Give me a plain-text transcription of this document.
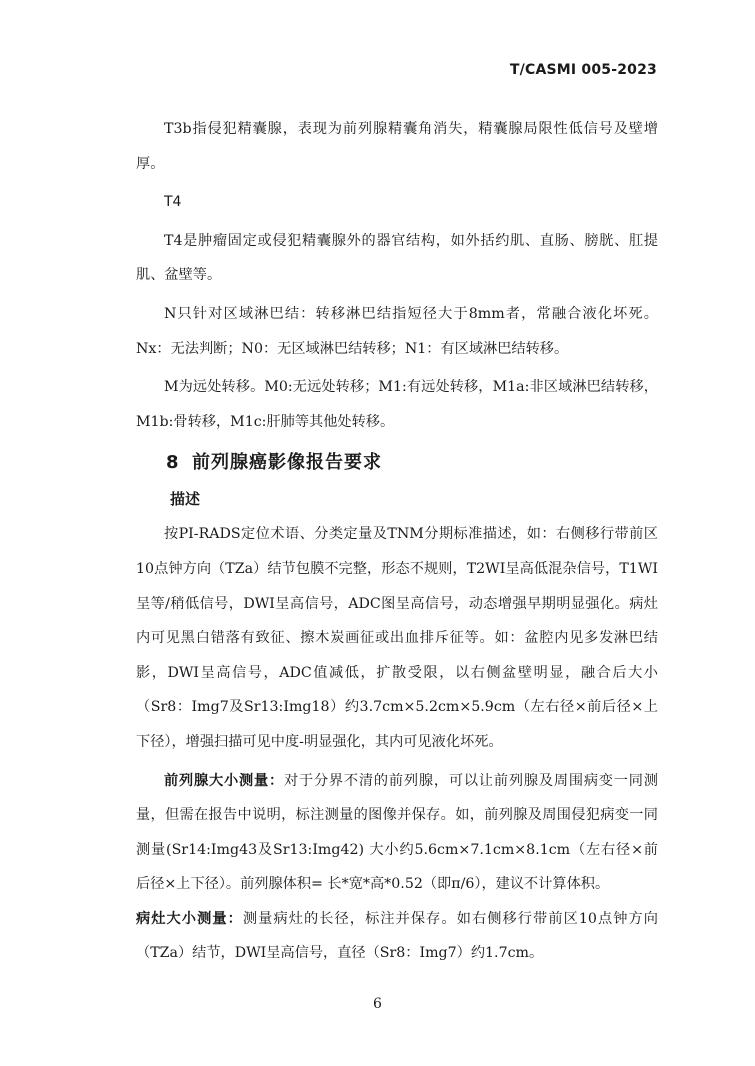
T/CASMI 005-2023

T3b指侵犯精囊腺，表现为前列腺精囊角消失，精囊腺局限性低信号及壁增厚。

T4

T4是肿瘤固定或侵犯精囊腺外的器官结构，如外括约肌、直肠、膀胱、肛提肌、盆壁等。

N只针对区域淋巴结：转移淋巴结指短径大于8mm者，常融合液化坏死。Nx：无法判断；N0：无区域淋巴结转移；N1：有区域淋巴结转移。

M为远处转移。M0:无远处转移；M1:有远处转移，M1a:非区域淋巴结转移，M1b:骨转移，M1c:肝肺等其他处转移。

8 前列腺癌影像报告要求
描述

按PI-RADS定位术语、分类定量及TNM分期标准描述，如：右侧移行带前区10点钟方向（TZa）结节包膜不完整，形态不规则，T2WI呈高低混杂信号，T1WI呈等/稍低信号，DWI呈高信号，ADC图呈高信号，动态增强早期明显强化。病灶内可见黑白错落有致征、擦木炭画征或出血排斥征等。如：盆腔内见多发淋巴结影，DWI呈高信号，ADC值减低，扩散受限，以右侧盆壁明显，融合后大小（Sr8：Img7及Sr13:Img18）约3.7cm×5.2cm×5.9cm（左右径×前后径×上下径），增强扫描可见中度-明显强化，其内可见液化坏死。

前列腺大小测量：对于分界不清的前列腺，可以让前列腺及周围病变一同测量，但需在报告中说明，标注测量的图像并保存。如，前列腺及周围侵犯病变一同测量(Sr14:Img43及Sr13:Img42) 大小约5.6cm×7.1cm×8.1cm（左右径×前后径×上下径）。前列腺体积= 长*宽*高*0.52（即π/6），建议不计算体积。

病灶大小测量：测量病灶的长径，标注并保存。如右侧移行带前区10点钟方向（TZa）结节，DWI呈高信号，直径（Sr8：Img7）约1.7cm。

6
